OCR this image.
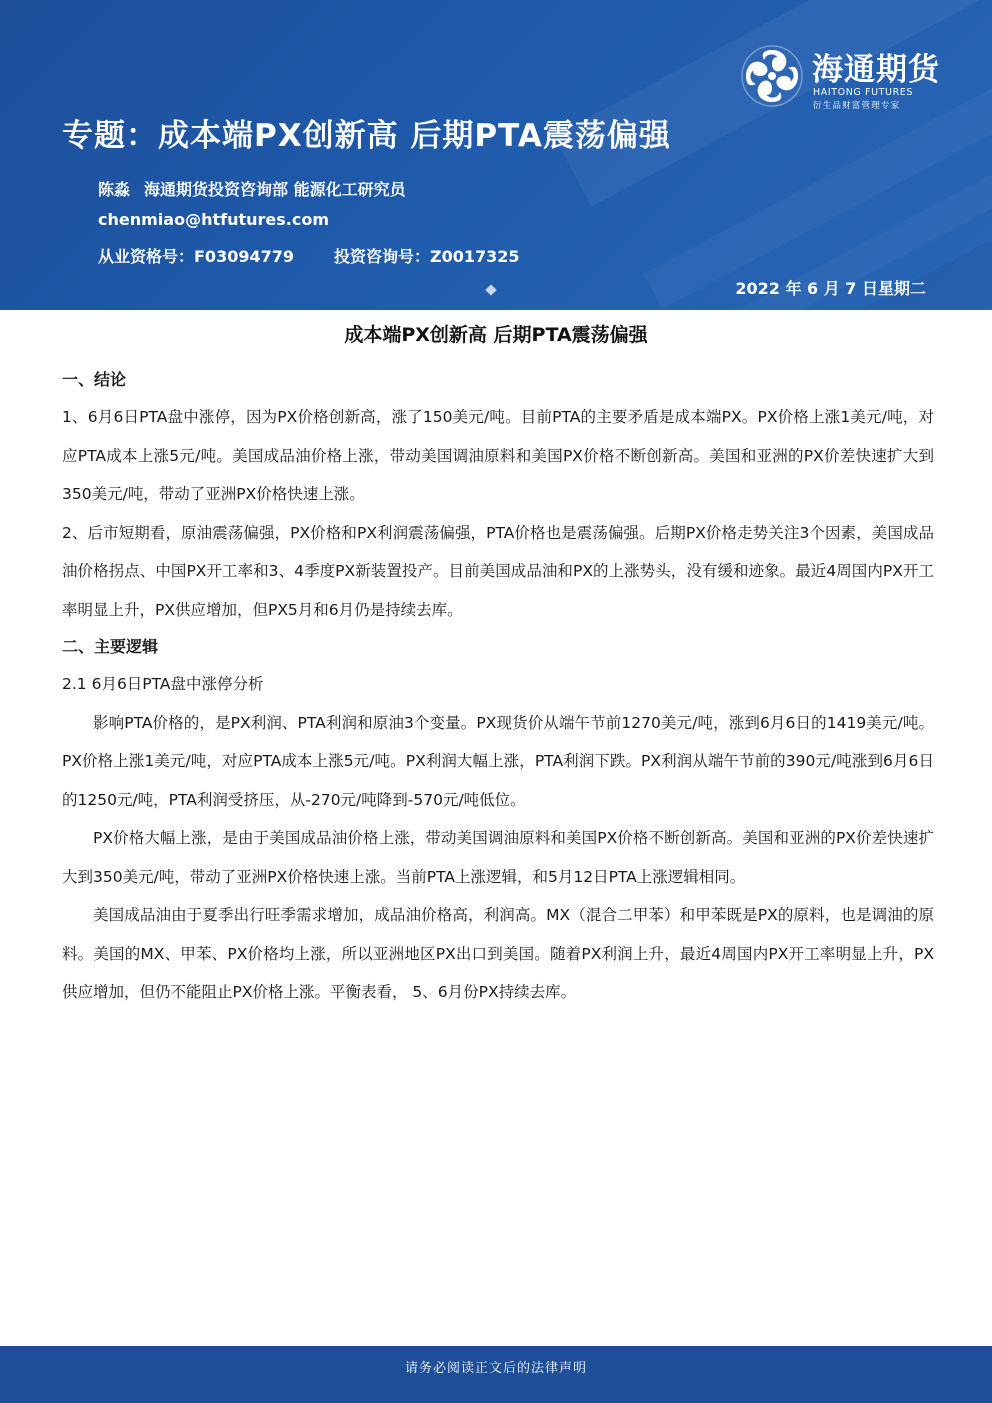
海通期货
HAITONG FUTURES
衍生品财富管理专家
专题：成本端PX创新高 后期PTA震荡偏强
陈淼 海通期货投资咨询部 能源化工研究员
chenmiao@htfutures.com
从业资格号：F03094779	投资咨询号：Z0017325
2022 年 6 月 7 日星期二
成本端PX创新高 后期PTA震荡偏强
一、结论

1、6月6日PTA盘中涨停，因为PX价格创新高，涨了150美元/吨。目前PTA的主要矛盾是成本端PX。PX价格上涨1美元/吨，对应PTA成本上涨5元/吨。美国成品油价格上涨，带动美国调油原料和美国PX价格不断创新高。美国和亚洲的PX价差快速扩大到350美元/吨，带动了亚洲PX价格快速上涨。

2、后市短期看，原油震荡偏强，PX价格和PX利润震荡偏强，PTA价格也是震荡偏强。后期PX价格走势关注3个因素，美国成品油价格拐点、中国PX开工率和3、4季度PX新装置投产。目前美国成品油和PX的上涨势头，没有缓和迹象。最近4周国内PX开工率明显上升，PX供应增加，但PX5月和6月仍是持续去库。

二、主要逻辑
2.1 6月6日PTA盘中涨停分析

影响PTA价格的，是PX利润、PTA利润和原油3个变量。PX现货价从端午节前1270美元/吨，涨到6月6日的1419美元/吨。PX价格上涨1美元/吨，对应PTA成本上涨5元/吨。PX利润大幅上涨，PTA利润下跌。PX利润从端午节前的390元/吨涨到6月6日的1250元/吨，PTA利润受挤压，从-270元/吨降到-570元/吨低位。

PX价格大幅上涨，是由于美国成品油价格上涨，带动美国调油原料和美国PX价格不断创新高。美国和亚洲的PX价差快速扩大到350美元/吨，带动了亚洲PX价格快速上涨。当前PTA上涨逻辑，和5月12日PTA上涨逻辑相同。

美国成品油由于夏季出行旺季需求增加，成品油价格高，利润高。MX（混合二甲苯）和甲苯既是PX的原料，也是调油的原料。美国的MX、甲苯、PX价格均上涨，所以亚洲地区PX出口到美国。随着PX利润上升，最近4周国内PX开工率明显上升，PX供应增加，但仍不能阻止PX价格上涨。平衡表看， 5、6月份PX持续去库。

请务必阅读正文后的法律声明
